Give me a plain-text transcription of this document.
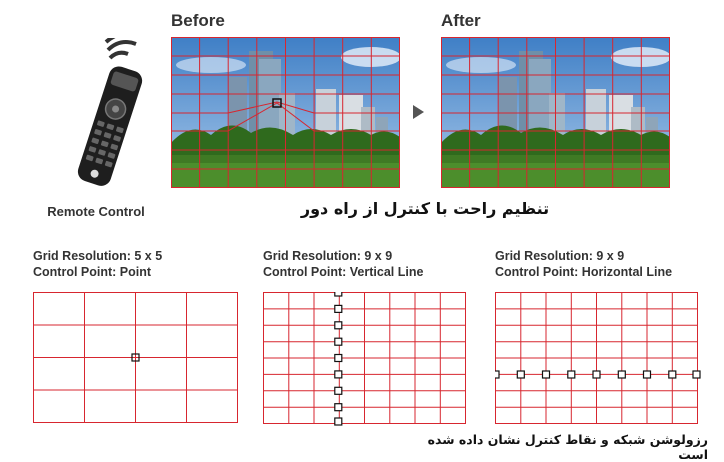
Remote Control
Before	After
تنظیم راحت با کنترل از راه دور
Grid Resolution: 5 x 5
Control Point: Point
Grid Resolution: 9 x 9
Control Point: Vertical Line
Grid Resolution: 9 x 9
Control Point: Horizontal Line
رزولوشن شبکه و نقاط کنترل نشان داده شده است
